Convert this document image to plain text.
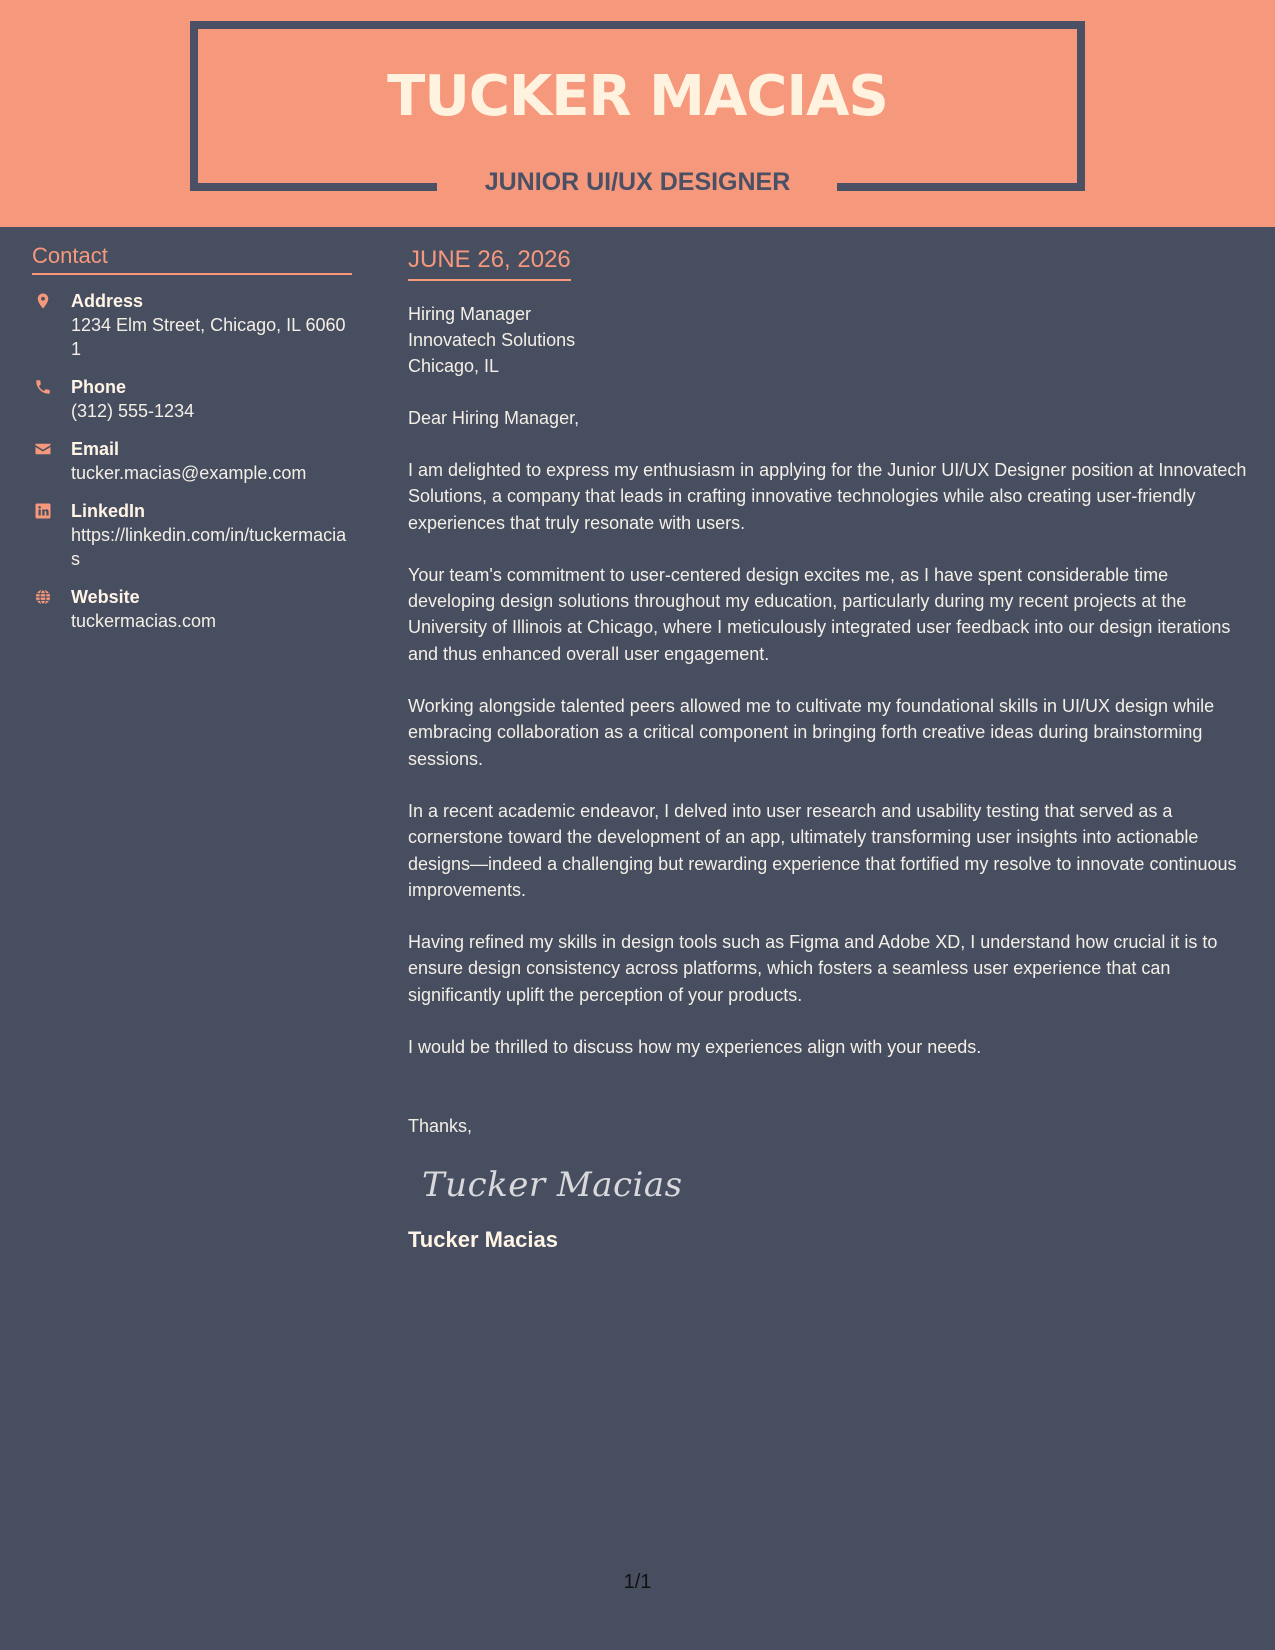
TUCKER MACIAS
JUNIOR UI/UX DESIGNER
Contact
Address
1234 Elm Street, Chicago, IL 60601
Phone
(312) 555-1234
Email
tucker.macias@example.com
LinkedIn
https://linkedin.com/in/tuckermacias
Website
tuckermacias.com
JUNE 26, 2026
Hiring Manager
Innovatech Solutions
Chicago, IL
Dear Hiring Manager,

I am delighted to express my enthusiasm in applying for the Junior UI/UX Designer position at Innovatech Solutions, a company that leads in crafting innovative technologies while also creating user-friendly experiences that truly resonate with users.

Your team's commitment to user-centered design excites me, as I have spent considerable time developing design solutions throughout my education, particularly during my recent projects at the University of Illinois at Chicago, where I meticulously integrated user feedback into our design iterations and thus enhanced overall user engagement.

Working alongside talented peers allowed me to cultivate my foundational skills in UI/UX design while embracing collaboration as a critical component in bringing forth creative ideas during brainstorming sessions.

In a recent academic endeavor, I delved into user research and usability testing that served as a cornerstone toward the development of an app, ultimately transforming user insights into actionable designs—indeed a challenging but rewarding experience that fortified my resolve to innovate continuous improvements.

Having refined my skills in design tools such as Figma and Adobe XD, I understand how crucial it is to ensure design consistency across platforms, which fosters a seamless user experience that can significantly uplift the perception of your products.

I would be thrilled to discuss how my experiences align with your needs.

Thanks,
Tucker Macias
Tucker Macias
1/1
